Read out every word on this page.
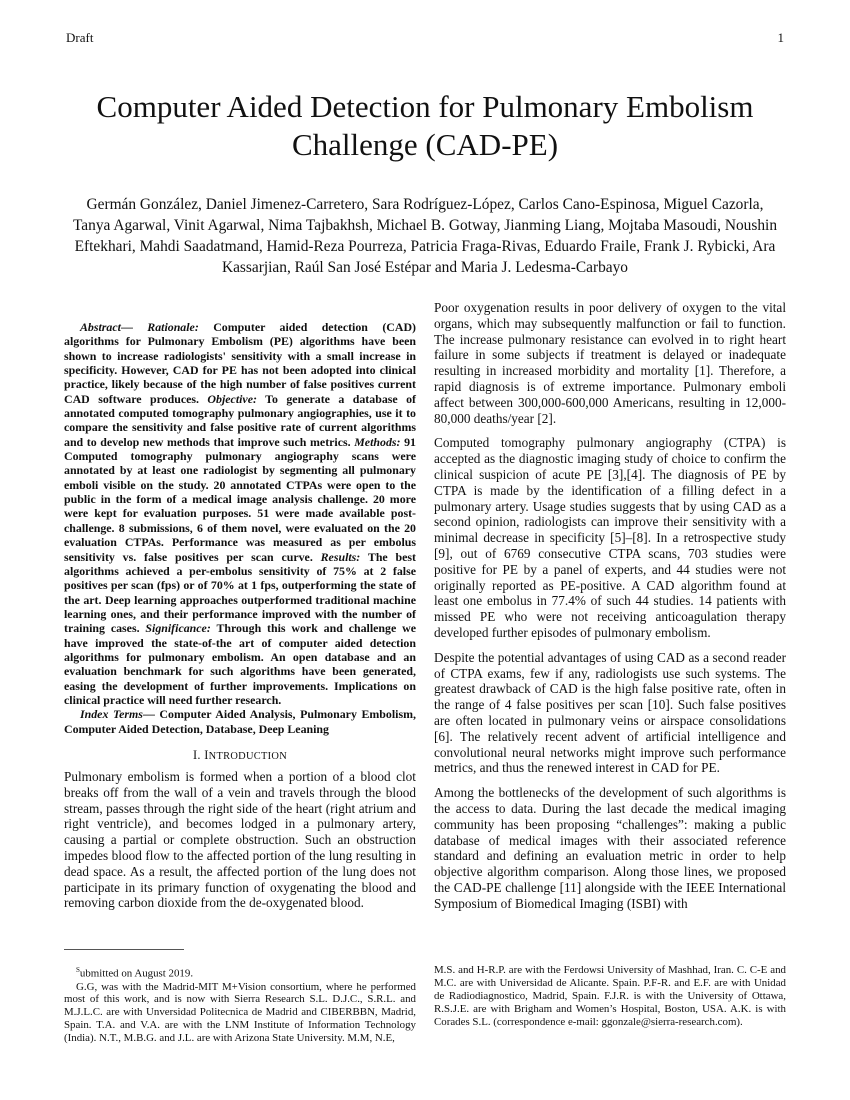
Draft	1
Computer Aided Detection for Pulmonary Embolism Challenge (CAD-PE)
Germán González, Daniel Jimenez-Carretero, Sara Rodríguez-López, Carlos Cano-Espinosa, Miguel Cazorla, Tanya Agarwal, Vinit Agarwal, Nima Tajbakhsh, Michael B. Gotway, Jianming Liang, Mojtaba Masoudi, Noushin Eftekhari, Mahdi Saadatmand, Hamid-Reza Pourreza, Patricia Fraga-Rivas, Eduardo Fraile, Frank J. Rybicki, Ara Kassarjian, Raúl San José Estépar and Maria J. Ledesma-Carbayo

Abstract— Rationale: Computer aided detection (CAD) algorithms for Pulmonary Embolism (PE) algorithms have been shown to increase radiologists' sensitivity with a small increase in specificity. However, CAD for PE has not been adopted into clinical practice, likely because of the high number of false positives current CAD software produces. Objective: To generate a database of annotated computed tomography pulmonary angiographies, use it to compare the sensitivity and false positive rate of current algorithms and to develop new methods that improve such metrics. Methods: 91 Computed tomography pulmonary angiography scans were annotated by at least one radiologist by segmenting all pulmonary emboli visible on the study. 20 annotated CTPAs were open to the public in the form of a medical image analysis challenge. 20 more were kept for evaluation purposes. 51 were made available post-challenge. 8 submissions, 6 of them novel, were evaluated on the 20 evaluation CTPAs. Performance was measured as per embolus sensitivity vs. false positives per scan curve. Results: The best algorithms achieved a per-embolus sensitivity of 75% at 2 false positives per scan (fps) or of 70% at 1 fps, outperforming the state of the art. Deep learning approaches outperformed traditional machine learning ones, and their performance improved with the number of training cases. Significance: Through this work and challenge we have improved the state-of-the art of computer aided detection algorithms for pulmonary embolism. An open database and an evaluation benchmark for such algorithms have been generated, easing the development of further improvements. Implications on clinical practice will need further research.

Index Terms— Computer Aided Analysis, Pulmonary Embolism, Computer Aided Detection, Database, Deep Leaning

I. INTRODUCTION

Pulmonary embolism is formed when a portion of a blood clot breaks off from the wall of a vein and travels through the blood stream, passes through the right side of the heart (right atrium and right ventricle), and becomes lodged in a pulmonary artery, causing a partial or complete obstruction. Such an obstruction impedes blood flow to the affected portion of the lung resulting in dead space. As a result, the affected portion of the lung does not participate in its primary function of oxygenating the blood and removing carbon dioxide from the de-oxygenated blood.

Poor oxygenation results in poor delivery of oxygen to the vital organs, which may subsequently malfunction or fail to function. The increase pulmonary resistance can evolved in to right heart failure in some subjects if treatment is delayed or inadequate resulting in increased morbidity and mortality [1]. Therefore, a rapid diagnosis is of extreme importance. Pulmonary emboli affect between 300,000-600,000 Americans, resulting in 12,000-80,000 deaths/year [2].

Computed tomography pulmonary angiography (CTPA) is accepted as the diagnostic imaging study of choice to confirm the clinical suspicion of acute PE [3],[4]. The diagnosis of PE by CTPA is made by the identification of a filling defect in a pulmonary artery. Usage studies suggests that by using CAD as a second opinion, radiologists can improve their sensitivity with a minimal decrease in specificity [5]–[8]. In a retrospective study [9], out of 6769 consecutive CTPA scans, 703 studies were positive for PE by a panel of experts, and 44 studies were not originally reported as PE-positive. A CAD algorithm found at least one embolus in 77.4% of such 44 studies. 14 patients with missed PE who were not receiving anticoagulation therapy developed further episodes of pulmonary embolism.

Despite the potential advantages of using CAD as a second reader of CTPA exams, few if any, radiologists use such systems. The greatest drawback of CAD is the high false positive rate, often in the range of 4 false positives per scan [10]. Such false positives are often located in pulmonary veins or airspace consolidations [6]. The relatively recent advent of artificial intelligence and convolutional neural networks might improve such performance metrics, and thus the renewed interest in CAD for PE.

Among the bottlenecks of the development of such algorithms is the access to data. During the last decade the medical imaging community has been proposing “challenges”: making a public database of medical images with their associated reference standard and defining an evaluation metric in order to help objective algorithm comparison. Along those lines, we proposed the CAD-PE challenge [11] alongside with the IEEE International Symposium of Biomedical Imaging (ISBI) with

$^S$ubmitted on August 2019.

G.G, was with the Madrid-MIT M+Vision consortium, where he performed most of this work, and is now with Sierra Research S.L. D.J.C., S.R.L. and M.J.L.C. are with Unversidad Politecnica de Madrid and CIBERBBN, Madrid, Spain. T.A. and V.A. are with the LNM Institute of Information Technology (India). N.T., M.B.G. and J.L. are with Arizona State University. M.M, N.E,

M.S. and H-R.P. are with the Ferdowsi University of Mashhad, Iran. C. C-E and M.C. are with Universidad de Alicante. Spain. P.F-R. and E.F. are with Unidad de Radiodiagnostico, Madrid, Spain. F.J.R. is with the University of Ottawa, R.S.J.E. are with Brigham and Women’s Hospital, Boston, USA. A.K. is with Corades S.L. (correspondence e-mail: ggonzale@sierra-research.com).
